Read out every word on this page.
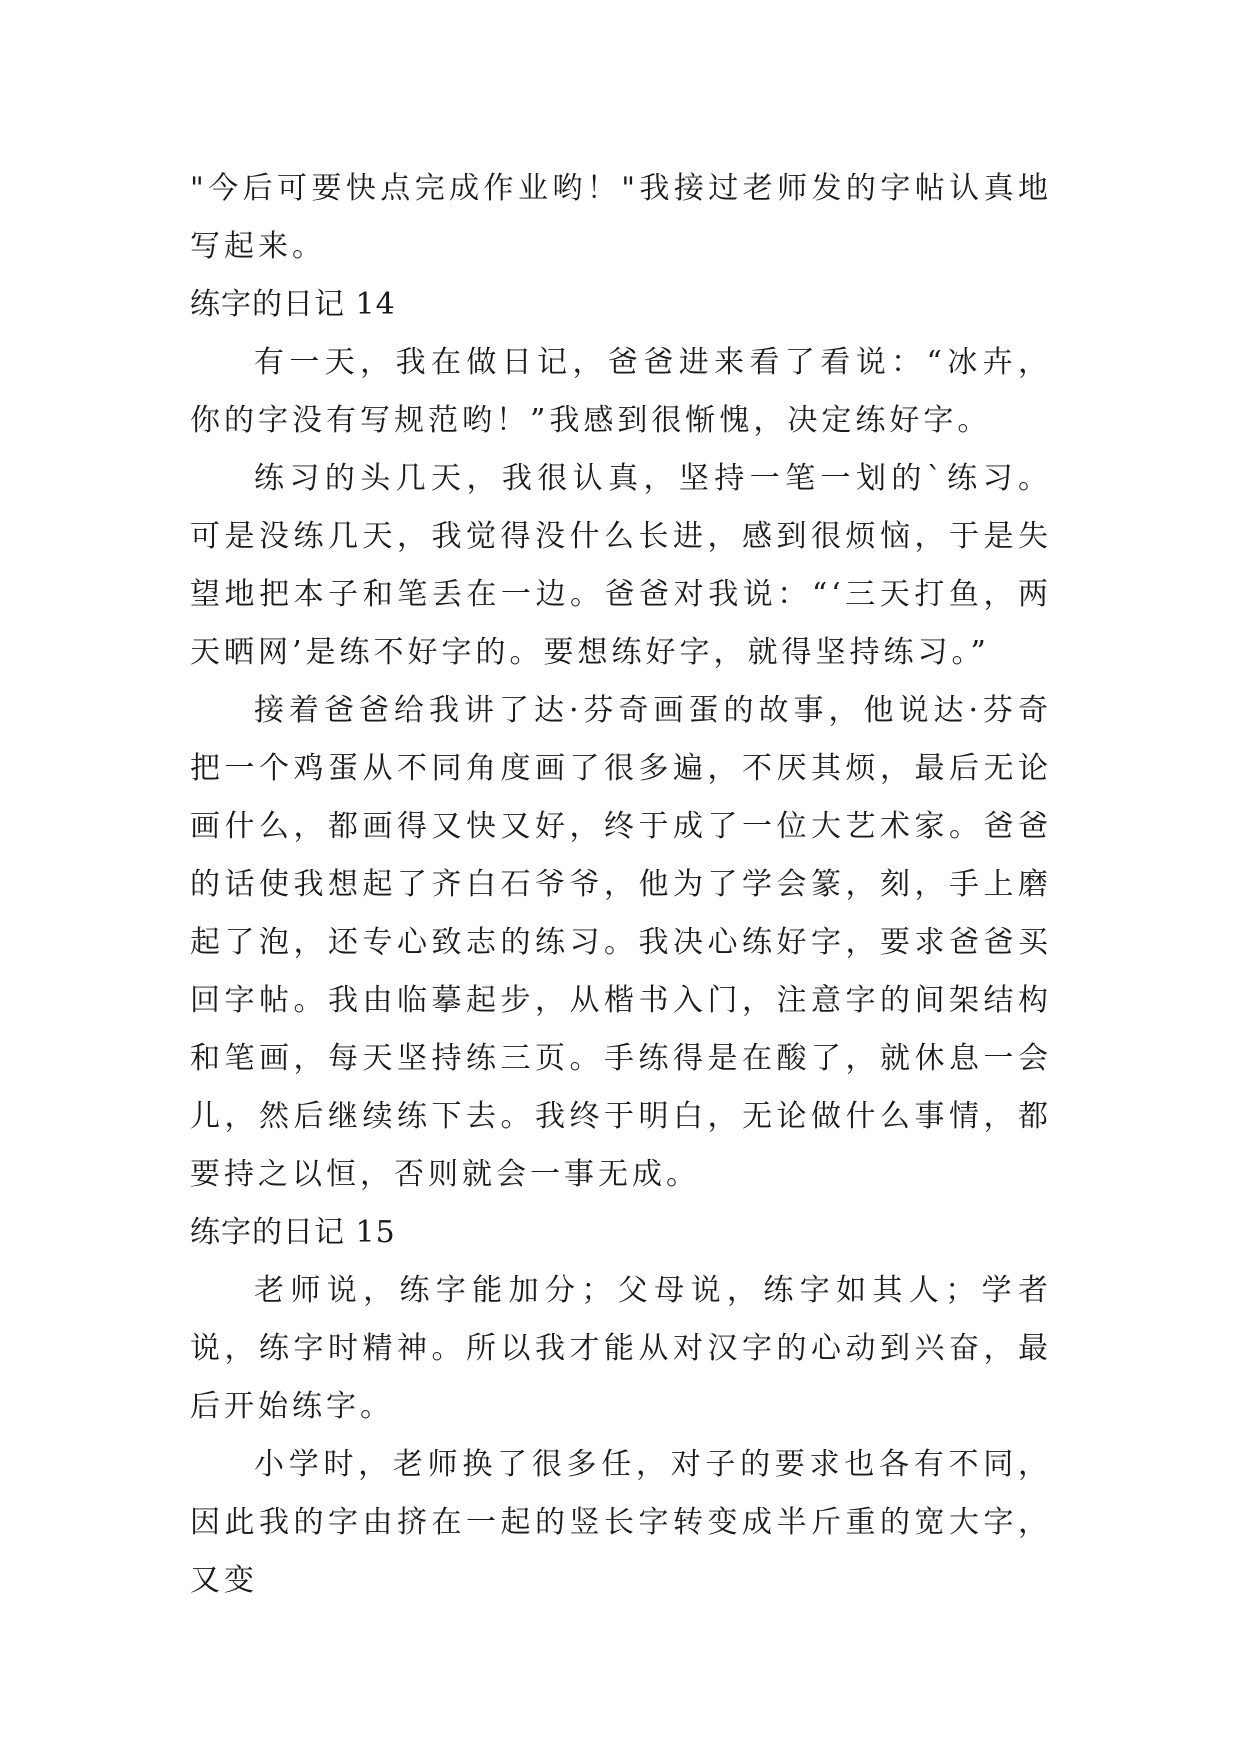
"今后可要快点完成作业哟！"我接过老师发的字帖认真地写起来。

练字的日记 14

有一天，我在做日记，爸爸进来看了看说：“冰卉，你的字没有写规范哟！”我感到很惭愧，决定练好字。

练习的头几天，我很认真，坚持一笔一划的`练习。可是没练几天，我觉得没什么长进，感到很烦恼，于是失望地把本子和笔丢在一边。爸爸对我说：“‘三天打鱼，两天晒网’是练不好字的。要想练好字，就得坚持练习。”

接着爸爸给我讲了达·芬奇画蛋的故事，他说达·芬奇把一个鸡蛋从不同角度画了很多遍，不厌其烦，最后无论画什么，都画得又快又好，终于成了一位大艺术家。爸爸的话使我想起了齐白石爷爷，他为了学会篆，刻，手上磨起了泡，还专心致志的练习。我决心练好字，要求爸爸买回字帖。我由临摹起步，从楷书入门，注意字的间架结构和笔画，每天坚持练三页。手练得是在酸了，就休息一会儿，然后继续练下去。我终于明白，无论做什么事情，都要持之以恒，否则就会一事无成。

练字的日记 15

老师说，练字能加分；父母说，练字如其人；学者说，练字时精神。所以我才能从对汉字的心动到兴奋，最后开始练字。

小学时，老师换了很多任，对子的要求也各有不同，因此我的字由挤在一起的竖长字转变成半斤重的宽大字，又变
